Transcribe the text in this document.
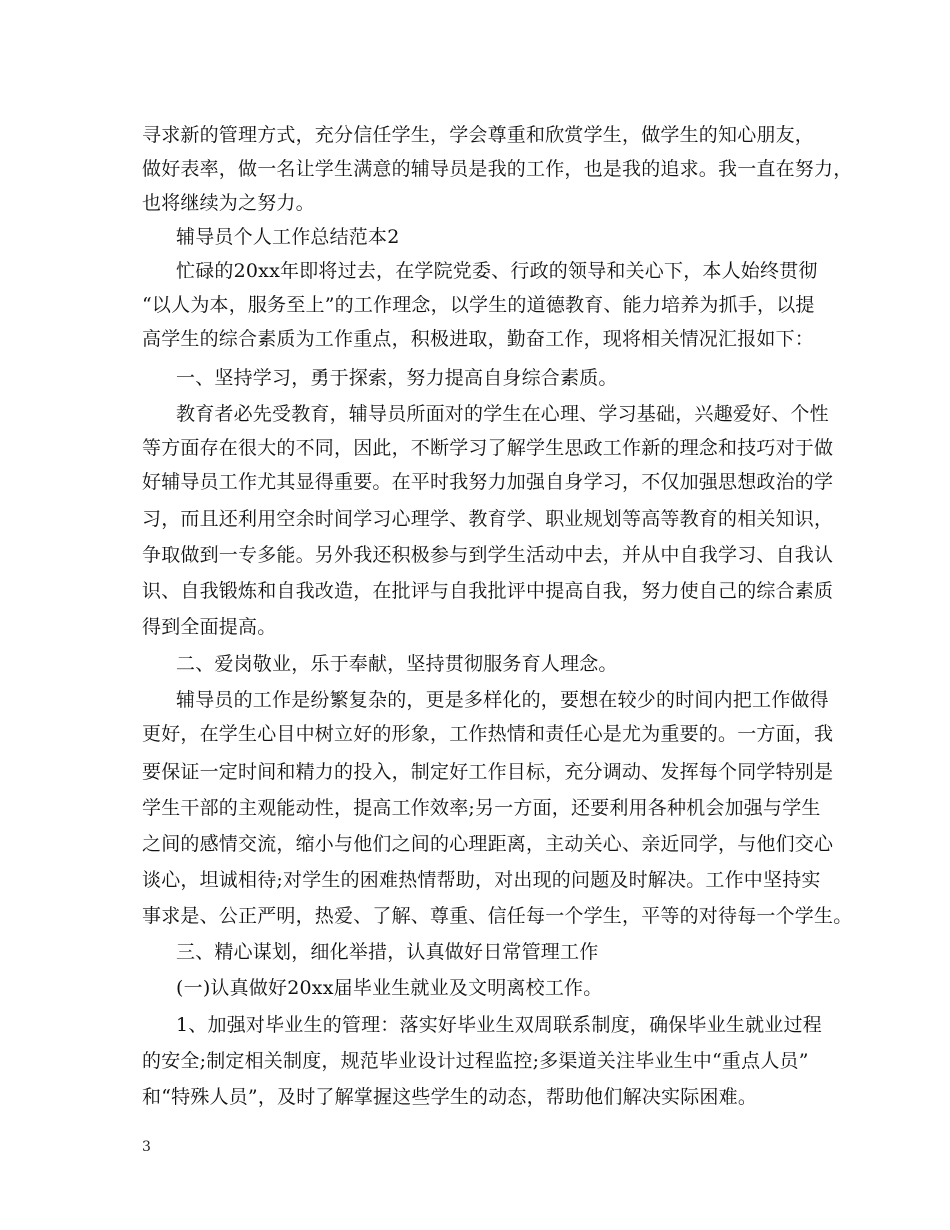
寻求新的管理方式，充分信任学生，学会尊重和欣赏学生，做学生的知心朋友，
做好表率，做一名让学生满意的辅导员是我的工作，也是我的追求。我一直在努力，
也将继续为之努力。
辅导员个人工作总结范本2
忙碌的20xx年即将过去，在学院党委、行政的领导和关心下，本人始终贯彻
“以人为本，服务至上”的工作理念，以学生的道德教育、能力培养为抓手，以提
高学生的综合素质为工作重点，积极进取，勤奋工作，现将相关情况汇报如下：
一、坚持学习，勇于探索，努力提高自身综合素质。
教育者必先受教育，辅导员所面对的学生在心理、学习基础，兴趣爱好、个性
等方面存在很大的不同，因此，不断学习了解学生思政工作新的理念和技巧对于做
好辅导员工作尤其显得重要。在平时我努力加强自身学习，不仅加强思想政治的学
习，而且还利用空余时间学习心理学、教育学、职业规划等高等教育的相关知识，
争取做到一专多能。另外我还积极参与到学生活动中去，并从中自我学习、自我认
识、自我锻炼和自我改造，在批评与自我批评中提高自我，努力使自己的综合素质
得到全面提高。
二、爱岗敬业，乐于奉献，坚持贯彻服务育人理念。
辅导员的工作是纷繁复杂的，更是多样化的，要想在较少的时间内把工作做得
更好，在学生心目中树立好的形象，工作热情和责任心是尤为重要的。一方面，我
要保证一定时间和精力的投入，制定好工作目标，充分调动、发挥每个同学特别是
学生干部的主观能动性，提高工作效率;另一方面，还要利用各种机会加强与学生
之间的感情交流，缩小与他们之间的心理距离，主动关心、亲近同学，与他们交心
谈心，坦诚相待;对学生的困难热情帮助，对出现的问题及时解决。工作中坚持实
事求是、公正严明，热爱、了解、尊重、信任每一个学生，平等的对待每一个学生。
三、精心谋划，细化举措，认真做好日常管理工作
(一)认真做好20xx届毕业生就业及文明离校工作。
1、加强对毕业生的管理：落实好毕业生双周联系制度，确保毕业生就业过程
的安全;制定相关制度，规范毕业设计过程监控;多渠道关注毕业生中“重点人员”
和“特殊人员”，及时了解掌握这些学生的动态，帮助他们解决实际困难。
3
